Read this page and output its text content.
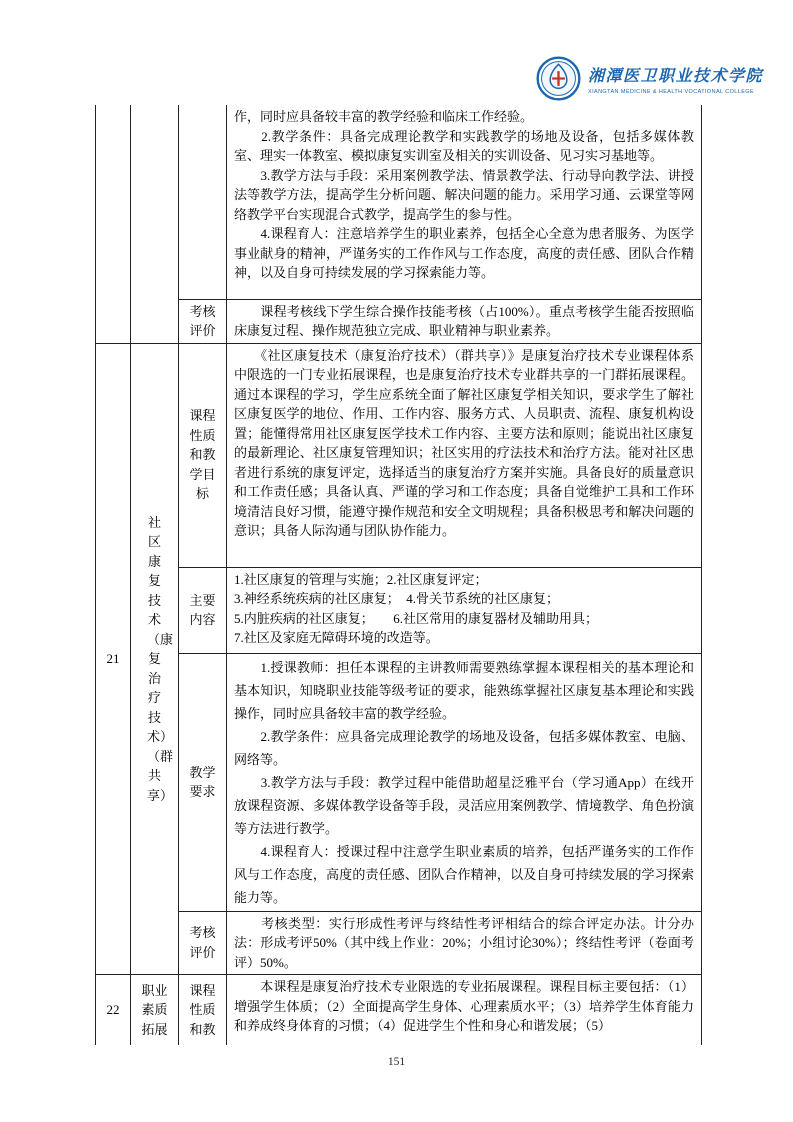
湘潭医卫职业技术学院
XIANGTAN MEDICINE & HEALTH VOCATIONAL COLLEGE

			作，同时应具备较丰富的教学经验和临床工作经验。

　　2.教学条件：具备完成理论教学和实践教学的场地及设备，包括多媒体教室、理实一体教室、模拟康复实训室及相关的实训设备、见习实习基地等。

　　3.教学方法与手段：采用案例教学法、情景教学法、行动导向教学法、讲授法等教学方法，提高学生分析问题、解决问题的能力。采用学习通、云课堂等网络教学平台实现混合式教学，提高学生的参与性。

　　4.课程育人：注意培养学生的职业素养，包括全心全意为患者服务、为医学事业献身的精神，严谨务实的工作作风与工作态度，高度的责任感、团队合作精神，以及自身可持续发展的学习探索能力等。

		考核评价	　　课程考核线下学生综合操作技能考核（占100%）。重点考核学生能否按照临床康复过程、操作规范独立完成、职业精神与职业素养。

21	社区康复技术（康复治疗技术）（群共享）	课程性质和教学目标	　　《社区康复技术（康复治疗技术）（群共享）》是康复治疗技术专业课程体系中限选的一门专业拓展课程，也是康复治疗技术专业群共享的一门群拓展课程。通过本课程的学习，学生应系统全面了解社区康复学相关知识，要求学生了解社区康复医学的地位、作用、工作内容、服务方式、人员职责、流程、康复机构设置；能懂得常用社区康复医学技术工作内容、主要方法和原则；能说出社区康复的最新理论、社区康复管理知识；社区实用的疗法技术和治疗方法。能对社区患者进行系统的康复评定，选择适当的康复治疗方案并实施。具备良好的质量意识和工作责任感；具备认真、严谨的学习和工作态度；具备自觉维护工具和工作环境清洁良好习惯，能遵守操作规范和安全文明规程；具备积极思考和解决问题的意识；具备人际沟通与团队协作能力。

		主要内容	1.社区康复的管理与实施；2.社区康复评定；

3.神经系统疾病的社区康复；　4.骨关节系统的社区康复；

5.内脏疾病的社区康复；　　6.社区常用的康复器材及辅助用具；

7.社区及家庭无障碍环境的改造等。

		教学要求	　　1.授课教师：担任本课程的主讲教师需要熟练掌握本课程相关的基本理论和基本知识，知晓职业技能等级考证的要求，能熟练掌握社区康复基本理论和实践操作，同时应具备较丰富的教学经验。

　　2.教学条件：应具备完成理论教学的场地及设备，包括多媒体教室、电脑、网络等。

　　3.教学方法与手段：教学过程中能借助超星泛雅平台（学习通App）在线开放课程资源、多媒体教学设备等手段，灵活应用案例教学、情境教学、角色扮演等方法进行教学。

　　4.课程育人：授课过程中注意学生职业素质的培养，包括严谨务实的工作作风与工作态度，高度的责任感、团队合作精神，以及自身可持续发展的学习探索能力等。

		考核评价	　　考核类型：实行形成性考评与终结性考评相结合的综合评定办法。计分办法：形成考评50%（其中线上作业：20%；小组讨论30%）；终结性考评（卷面考评）50%。

22	职业素质拓展	课程性质和教	　　本课程是康复治疗技术专业限选的专业拓展课程。课程目标主要包括：（1）增强学生体质；（2）全面提高学生身体、心理素质水平；（3）培养学生体育能力和养成终身体育的习惯；（4）促进学生个性和身心和谐发展；（5）

151
